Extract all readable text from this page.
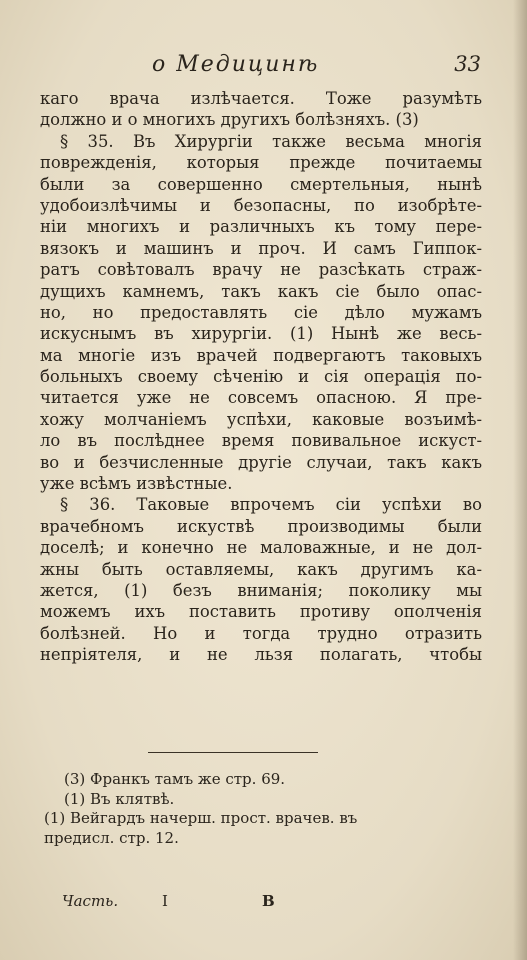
о Медицинѣ	33
каго врача излѣчается. Тоже разумѣть
должно и о многихъ другихъ болѣзняхъ. (3)
§ 35. Въ Хирургіи также весьма многія
поврежденія, которыя прежде почитаемы
были за совершенно смертельныя, нынѣ
удобоизлѣчимы и безопасны, по изобрѣте-
ніи многихъ и различныхъ къ тому пере-
вязокъ и машинъ и проч. И самъ Гиппок-
ратъ совѣтовалъ врачу не разсѣкать страж-
дущихъ камнемъ, такъ какъ сіе было опас-
но, но предоставлять сіе дѣло мужамъ
искуснымъ въ хирургіи. (1) Нынѣ же весь-
ма многіе изъ врачей подвергаютъ таковыхъ
больныхъ своему сѣченію и сія операція по-
читается уже не совсемъ опасною. Я пре-
хожу молчаніемъ успѣхи, каковые возъимѣ-
ло въ послѣднее время повивальное искуст-
во и безчисленные другіе случаи, такъ какъ
уже всѣмъ извѣстные.
§ 36. Таковые впрочемъ сіи успѣхи во
врачебномъ искуствѣ производимы были
доселѣ; и конечно не маловажные, и не дол-
жны быть оставляемы, какъ другимъ ка-
жется, (1) безъ вниманія; поколику мы
можемъ ихъ поставить противу ополченія
болѣзней. Но и тогда трудно отразить
непріятеля, и не льзя полагать, чтобы
(3) Франкъ тамъ же стр. 69.
(1) Въ клятвѣ.
(1) Вейгардъ начерш. прост. врачев. въ
предисл. стр. 12.
Часть.	I	В
